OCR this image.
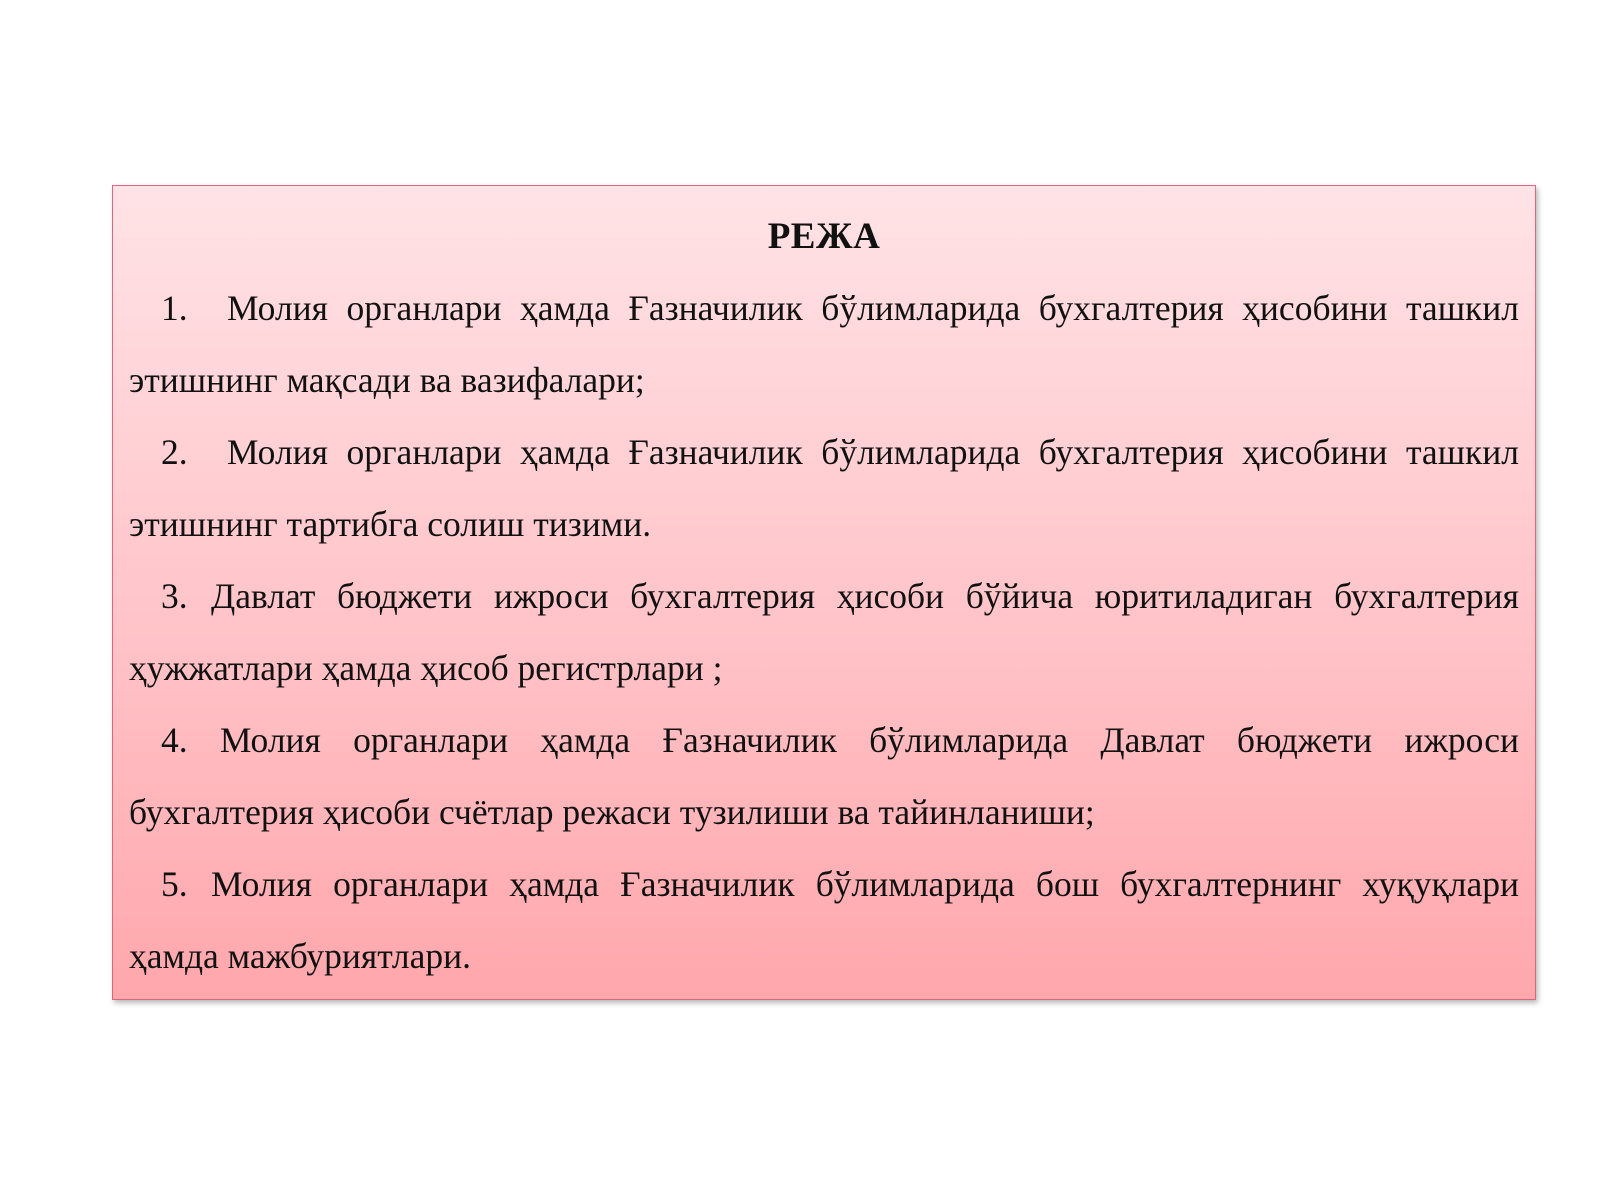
РЕЖА
1. Молия органлари ҳамда Ғазначилик бўлимларида бухгалтерия ҳисобини ташкил этишнинг мақсади ва вазифалари;
2. Молия органлари ҳамда Ғазначилик бўлимларида бухгалтерия ҳисобини ташкил этишнинг тартибга солиш тизими.
3. Давлат бюджети ижроси бухгалтерия ҳисоби бўйича юритиладиган бухгалтерия ҳужжатлари ҳамда ҳисоб регистрлари ;
4. Молия органлари ҳамда Ғазначилик бўлимларида Давлат бюджети ижроси бухгалтерия ҳисоби счётлар режаси тузилиши ва тайинланиши;
5. Молия органлари ҳамда Ғазначилик бўлимларида бош бухгалтернинг хуқуқлари ҳамда мажбуриятлари.
